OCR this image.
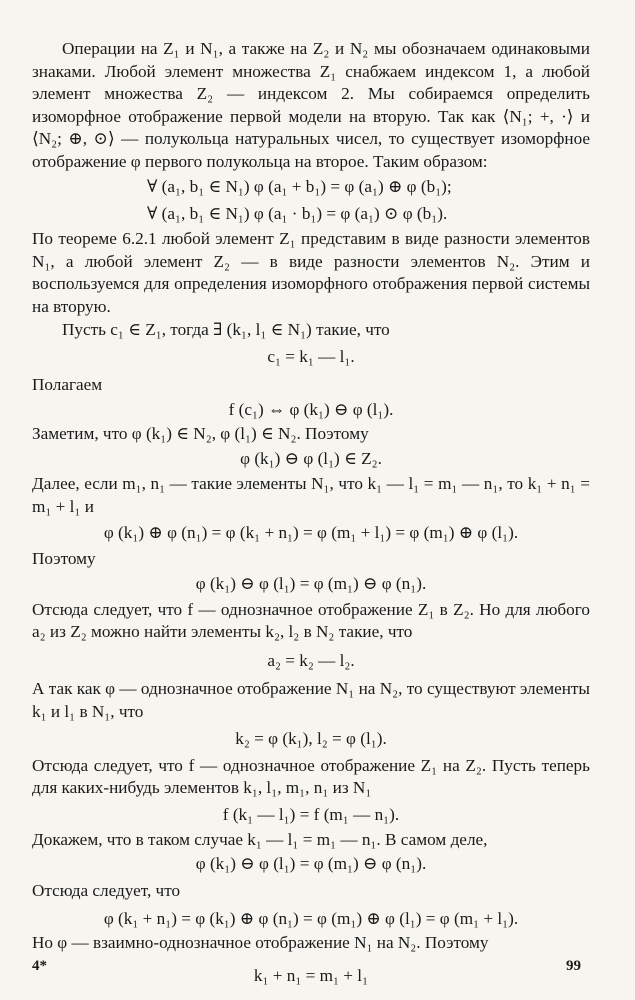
Операции на Z₁ и N₁, а также на Z₂ и N₂ мы обозначаем одинаковыми знаками. Любой элемент множества Z₁ снабжаем индексом 1, а любой элемент множества Z₂ — индексом 2. Мы собираемся определить изоморфное отображение первой модели на вторую. Так как ⟨N₁; +, ·⟩ и ⟨N₂; ⊕, ⊙⟩ — полукольца натуральных чисел, то существует изоморфное отображение φ первого полукольца на второе. Таким образом:

∀ (a₁, b₁ ∈ N₁) φ (a₁ + b₁) = φ (a₁) ⊕ φ (b₁);

∀ (a₁, b₁ ∈ N₁) φ (a₁ · b₁) = φ (a₁) ⊙ φ (b₁).

По теореме 6.2.1 любой элемент Z₁ представим в виде разности элементов N₁, а любой элемент Z₂ — в виде разности элементов N₂. Этим и воспользуемся для определения изоморфного отображения первой системы на вторую.

Пусть c₁ ∈ Z₁, тогда ∃ (k₁, l₁ ∈ N₁) такие, что

c₁ = k₁ — l₁.

Полагаем

f (c₁) ⇔ φ (k₁) ⊖ φ (l₁).

Заметим, что φ (k₁) ∈ N₂, φ (l₁) ∈ N₂. Поэтому

φ (k₁) ⊖ φ (l₁) ∈ Z₂.

Далее, если m₁, n₁ — такие элементы N₁, что k₁ — l₁ = m₁ — n₁, то k₁ + n₁ = m₁ + l₁ и

φ (k₁) ⊕ φ (n₁) = φ (k₁ + n₁) = φ (m₁ + l₁) = φ (m₁) ⊕ φ (l₁).

Поэтому

φ (k₁) ⊖ φ (l₁) = φ (m₁) ⊖ φ (n₁).

Отсюда следует, что f — однозначное отображение Z₁ в Z₂. Но для любого a₂ из Z₂ можно найти элементы k₂, l₂ в N₂ такие, что

a₂ = k₂ — l₂.

А так как φ — однозначное отображение N₁ на N₂, то существуют элементы k₁ и l₁ в N₁, что

k₂ = φ (k₁), l₂ = φ (l₁).

Отсюда следует, что f — однозначное отображение Z₁ на Z₂. Пусть теперь для каких-нибудь элементов k₁, l₁, m₁, n₁ из N₁

f (k₁ — l₁) = f (m₁ — n₁).

Докажем, что в таком случае k₁ — l₁ = m₁ — n₁. В самом деле,

φ (k₁) ⊖ φ (l₁) = φ (m₁) ⊖ φ (n₁).

Отсюда следует, что

φ (k₁ + n₁) = φ (k₁) ⊕ φ (n₁) = φ (m₁) ⊕ φ (l₁) = φ (m₁ + l₁).

Но φ — взаимно-однозначное отображение N₁ на N₂. Поэтому

k₁ + n₁ = m₁ + l₁

4*	99
